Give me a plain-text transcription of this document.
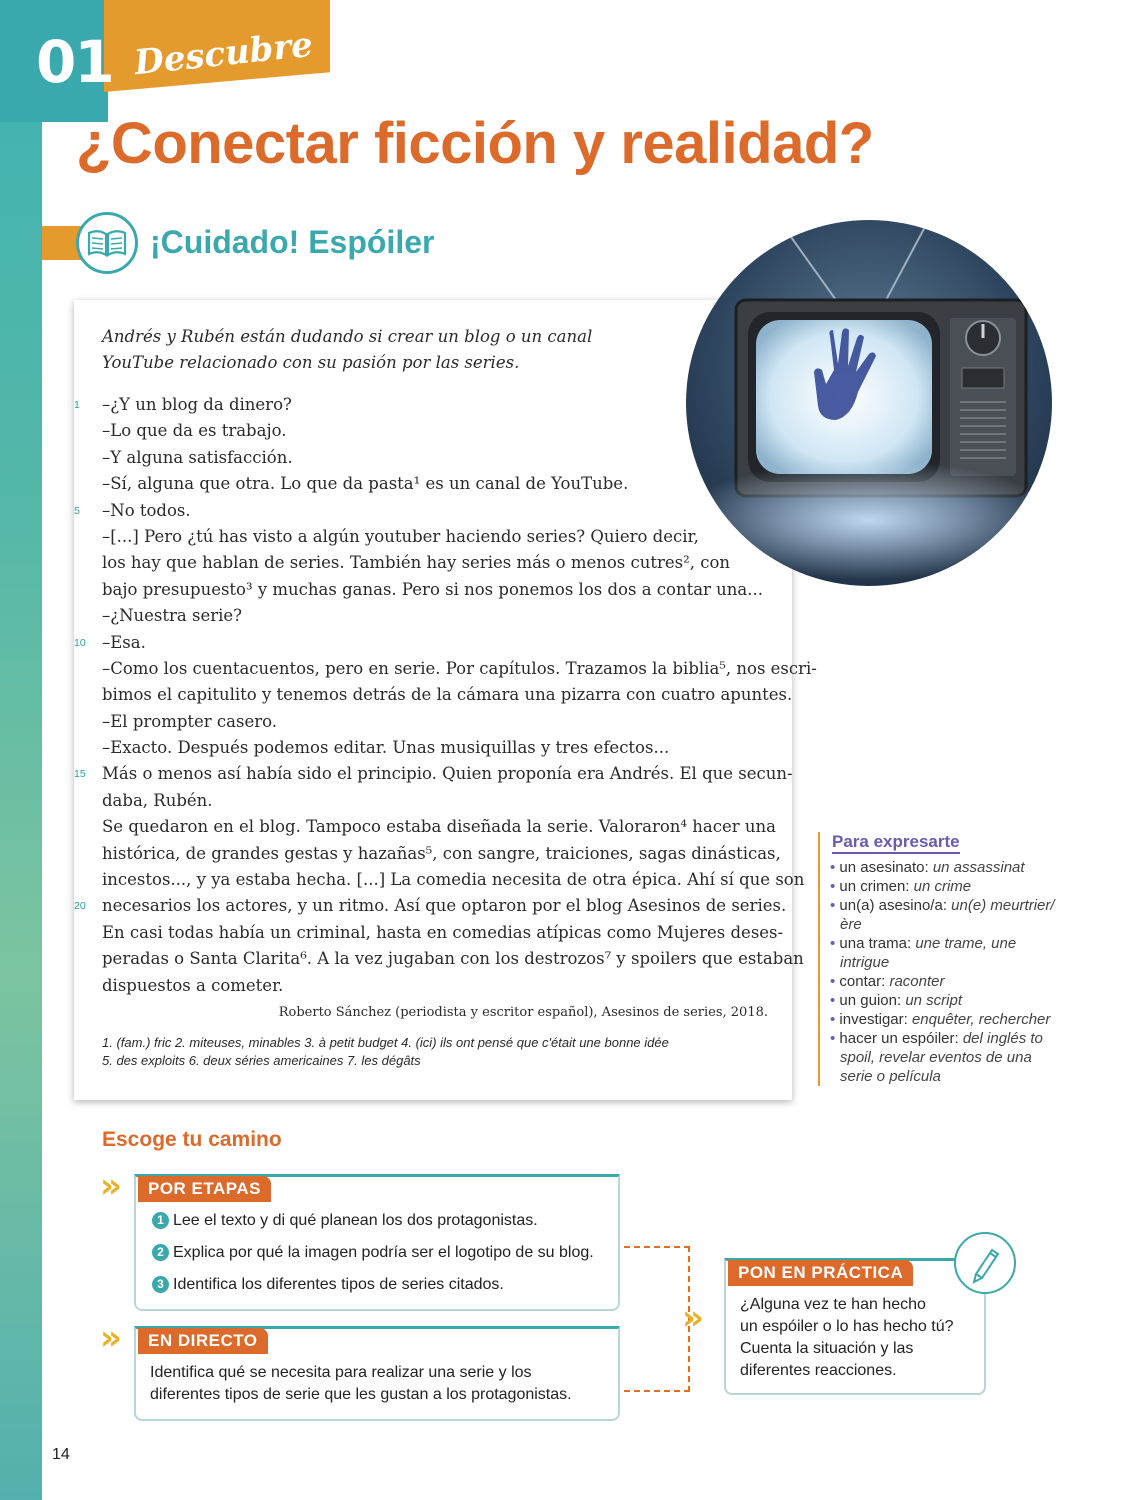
01 Descubre
¿Conectar ficción y realidad?
¡Cuidado! Espóiler

Andrés y Rubén están dudando si crear un blog o un canal YouTube relacionado con su pasión por las series.

1 –¿Y un blog da dinero?
–Lo que da es trabajo.
–Y alguna satisfacción.
–Sí, alguna que otra. Lo que da pasta¹ es un canal de YouTube.
5 –No todos.
–[...] Pero ¿tú has visto a algún youtuber haciendo series? Quiero decir,
los hay que hablan de series. También hay series más o menos cutres², con
bajo presupuesto³ y muchas ganas. Pero si nos ponemos los dos a contar una...
–¿Nuestra serie?
10 –Esa.
–Como los cuentacuentos, pero en serie. Por capítulos. Trazamos la biblia⁵, nos escri-
bimos el capitulito y tenemos detrás de la cámara una pizarra con cuatro apuntes.
–El prompter casero.
–Exacto. Después podemos editar. Unas musiquillas y tres efectos...
15 Más o menos así había sido el principio. Quien proponía era Andrés. El que secun-
daba, Rubén.
Se quedaron en el blog. Tampoco estaba diseñada la serie. Valoraron⁴ hacer una
histórica, de grandes gestas y hazañas⁵, con sangre, traiciones, sagas dinásticas,
incestos..., y ya estaba hecha. [...] La comedia necesita de otra épica. Ahí sí que son
20 necesarios los actores, y un ritmo. Así que optaron por el blog Asesinos de series.
En casi todas había un criminal, hasta en comedias atípicas como Mujeres deses-
peradas o Santa Clarita⁶. A la vez jugaban con los destrozos⁷ y spoilers que estaban
dispuestos a cometer.
Roberto Sánchez (periodista y escritor español), Asesinos de series, 2018.
1. (fam.) fric 2. miteuses, minables 3. à petit budget 4. (ici) ils ont pensé que c'était une bonne idée
5. des exploits 6. deux séries americaines 7. les dégâts
Para expresarte
• un asesinato: un assassinat
• un crimen: un crime
• un(a) asesino/a: un(e) meurtrier/ère
• una trama: une trame, une intrigue
• contar: raconter
• un guion: un script
• investigar: enquêter, rechercher
• hacer un espóiler: del inglés to spoil, revelar eventos de una serie o película
Escoge tu camino
»	POR ETAPAS
1 Lee el texto y di qué planean los dos protagonistas.
2 Explica por qué la imagen podría ser el logotipo de su blog.
3 Identifica los diferentes tipos de series citados.
»	EN DIRECTO
Identifica qué se necesita para realizar una serie y los
diferentes tipos de serie que les gustan a los protagonistas.
»
PON EN PRÁCTICA
¿Alguna vez te han hecho
un espóiler o lo has hecho tú?
Cuenta la situación y las
diferentes reacciones.
14
